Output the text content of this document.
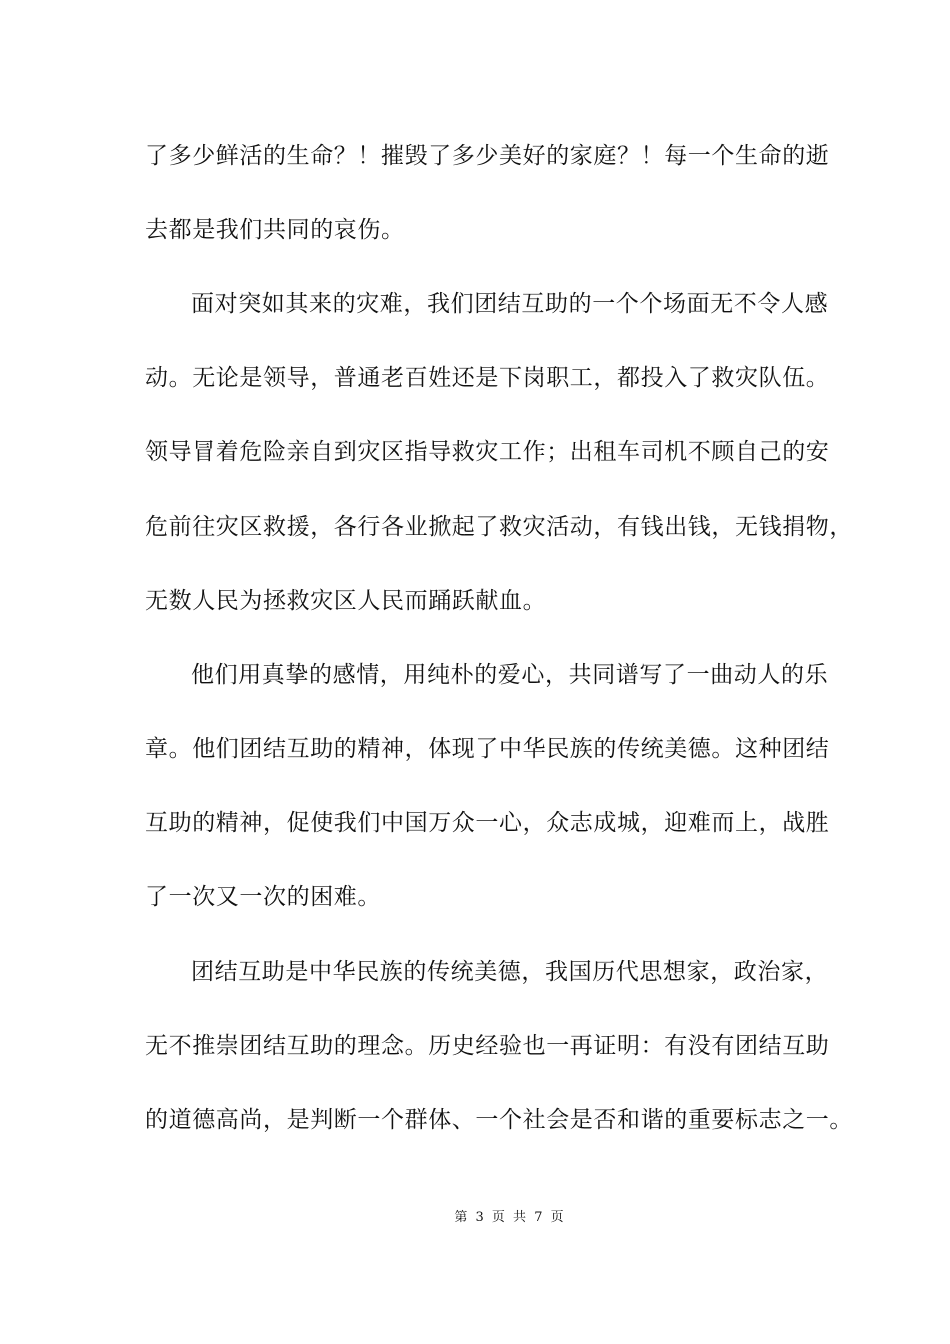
了多少鲜活的生命？！摧毁了多少美好的家庭？！每一个生命的逝
去都是我们共同的哀伤。
面对突如其来的灾难，我们团结互助的一个个场面无不令人感
动。无论是领导，普通老百姓还是下岗职工，都投入了救灾队伍。
领导冒着危险亲自到灾区指导救灾工作；出租车司机不顾自己的安
危前往灾区救援，各行各业掀起了救灾活动，有钱出钱，无钱捐物，
无数人民为拯救灾区人民而踊跃献血。
他们用真挚的感情，用纯朴的爱心，共同谱写了一曲动人的乐
章。他们团结互助的精神，体现了中华民族的传统美德。这种团结
互助的精神，促使我们中国万众一心，众志成城，迎难而上，战胜
了一次又一次的困难。
团结互助是中华民族的传统美德，我国历代思想家，政治家，
无不推崇团结互助的理念。历史经验也一再证明：有没有团结互助
的道德高尚，是判断一个群体、一个社会是否和谐的重要标志之一。
第 3 页 共 7 页
